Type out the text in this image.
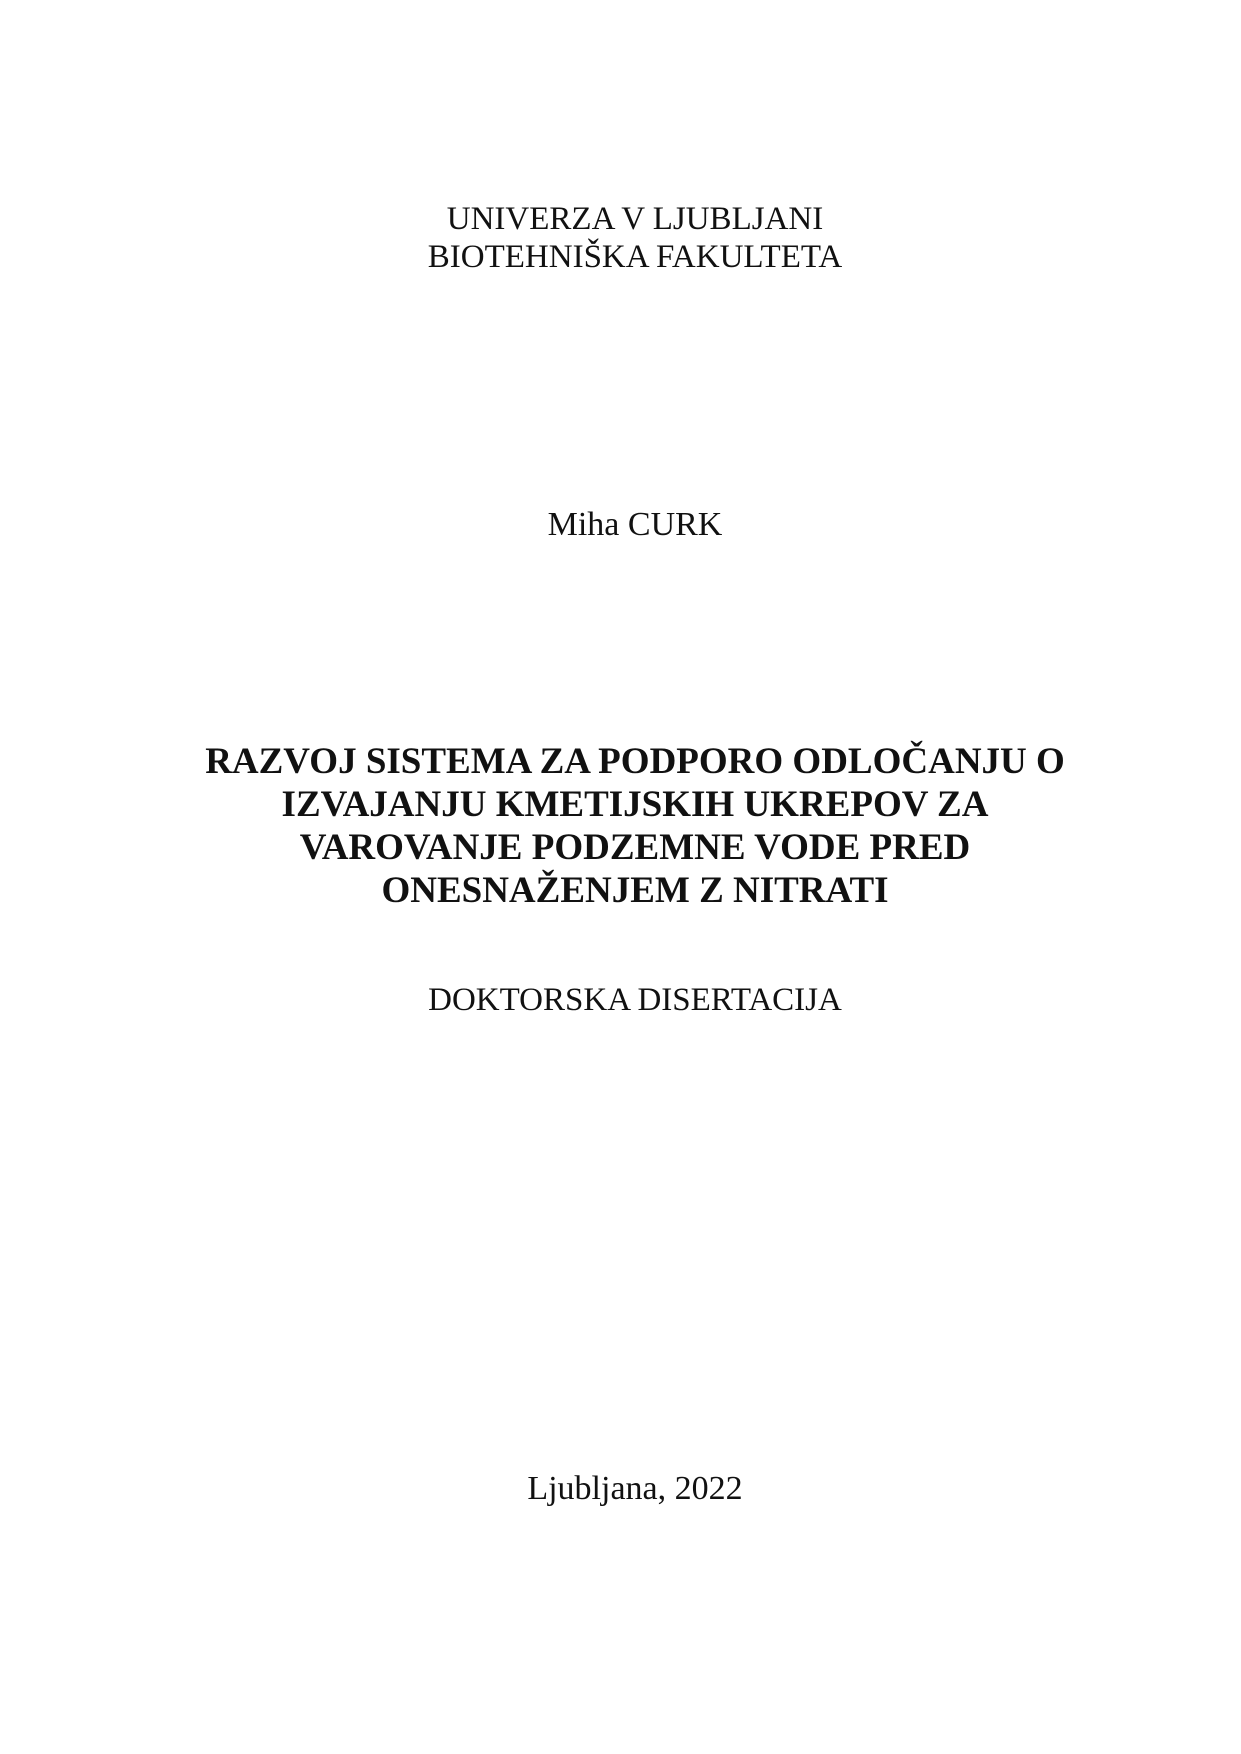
UNIVERZA V LJUBLJANI
BIOTEHNIŠKA FAKULTETA
Miha CURK
RAZVOJ SISTEMA ZA PODPORO ODLOČANJU O
IZVAJANJU KMETIJSKIH UKREPOV ZA
VAROVANJE PODZEMNE VODE PRED
ONESNAŽENJEM Z NITRATI
DOKTORSKA DISERTACIJA
Ljubljana, 2022
